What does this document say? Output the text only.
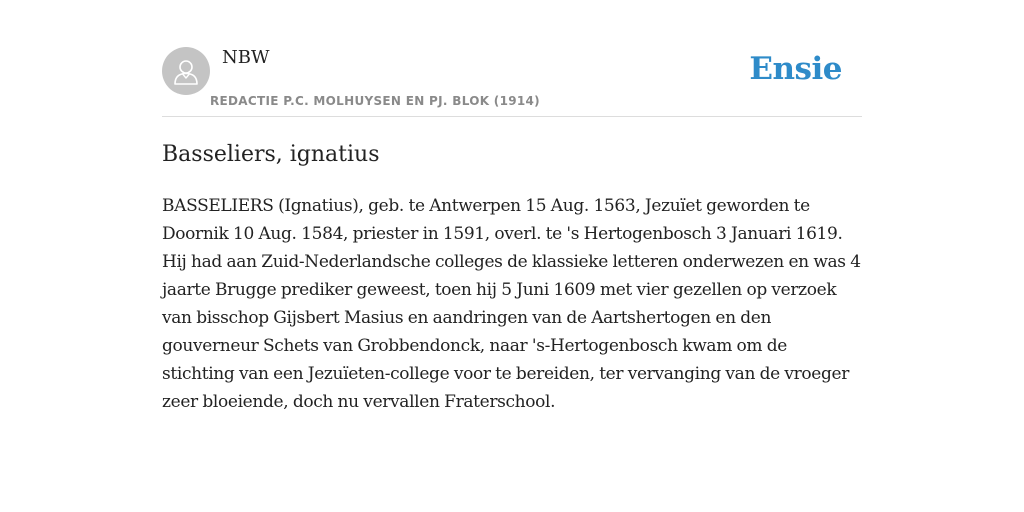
NBW
REDACTIE P.C. MOLHUYSEN EN PJ. BLOK (1914)
Ensie
Basseliers, ignatius

BASSELIERS (Ignatius), geb. te Antwerpen 15 Aug. 1563, Jezuïet geworden te Doornik 10 Aug. 1584, priester in 1591, overl. te 's Hertogenbosch 3 Januari 1619. Hij had aan Zuid-Nederlandsche colleges de klassieke letteren onderwezen en was 4 jaarte Brugge prediker geweest, toen hij 5 Juni 1609 met vier gezellen op verzoek van bisschop Gijsbert Masius en aandringen van de Aartshertogen en den gouverneur Schets van Grobbendonck, naar 's-Hertogenbosch kwam om de stichting van een Jezuïeten-college voor te bereiden, ter vervanging van de vroeger zeer bloeiende, doch nu vervallen Fraterschool.
